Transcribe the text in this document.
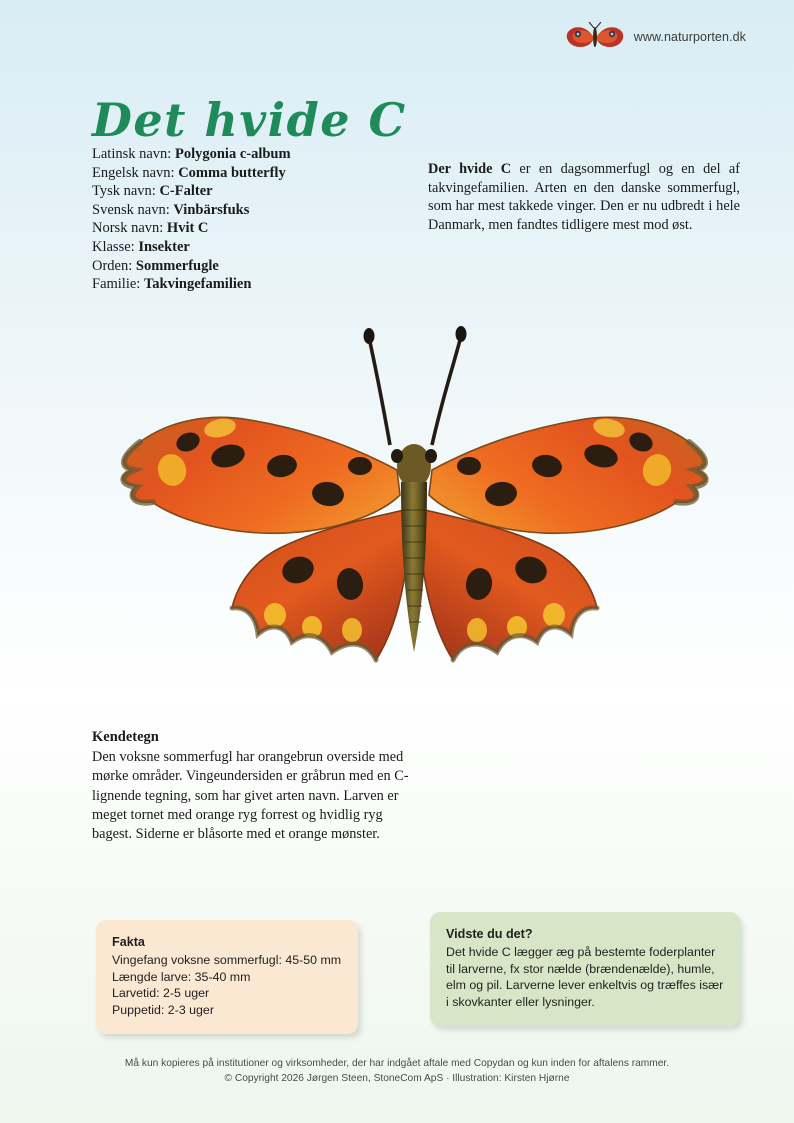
www.naturporten.dk
Det hvide C
Latinsk navn: Polygonia c-album
Engelsk navn: Comma butterfly
Tysk navn: C-Falter
Svensk navn: Vinbärsfuks
Norsk navn: Hvit C
Klasse: Insekter
Orden: Sommerfugle
Familie: Takvingefamilien

Der hvide C er en dagsommerfugl og en del af takvingefamilien. Arten en den danske sommerfugl, som har mest takkede vinger. Den er nu udbredt i hele Danmark, men fandtes tidligere mest mod øst.

Kendetegn

Den voksne sommerfugl har orangebrun overside med mørke områder. Vingeundersiden er gråbrun med en C-lignende tegning, som har givet arten navn. Larven er meget tornet med orange ryg forrest og hvidlig ryg bagest. Siderne er blåsorte med et orange mønster.

Fakta
Vingefang voksne sommerfugl: 45-50 mm
Længde larve: 35-40 mm
Larvetid: 2-5 uger
Puppetid: 2-3 uger
Vidste du det?
Det hvide C lægger æg på bestemte foderplanter til larverne, fx stor nælde (brændenælde), humle, elm og pil. Larverne lever enkeltvis og træffes især i skovkanter eller lysninger.
Må kun kopieres på institutioner og virksomheder, der har indgået aftale med Copydan og kun inden for aftalens rammer.
© Copyright 2026 Jørgen Steen, StoneCom ApS · Illustration: Kirsten Hjørne
